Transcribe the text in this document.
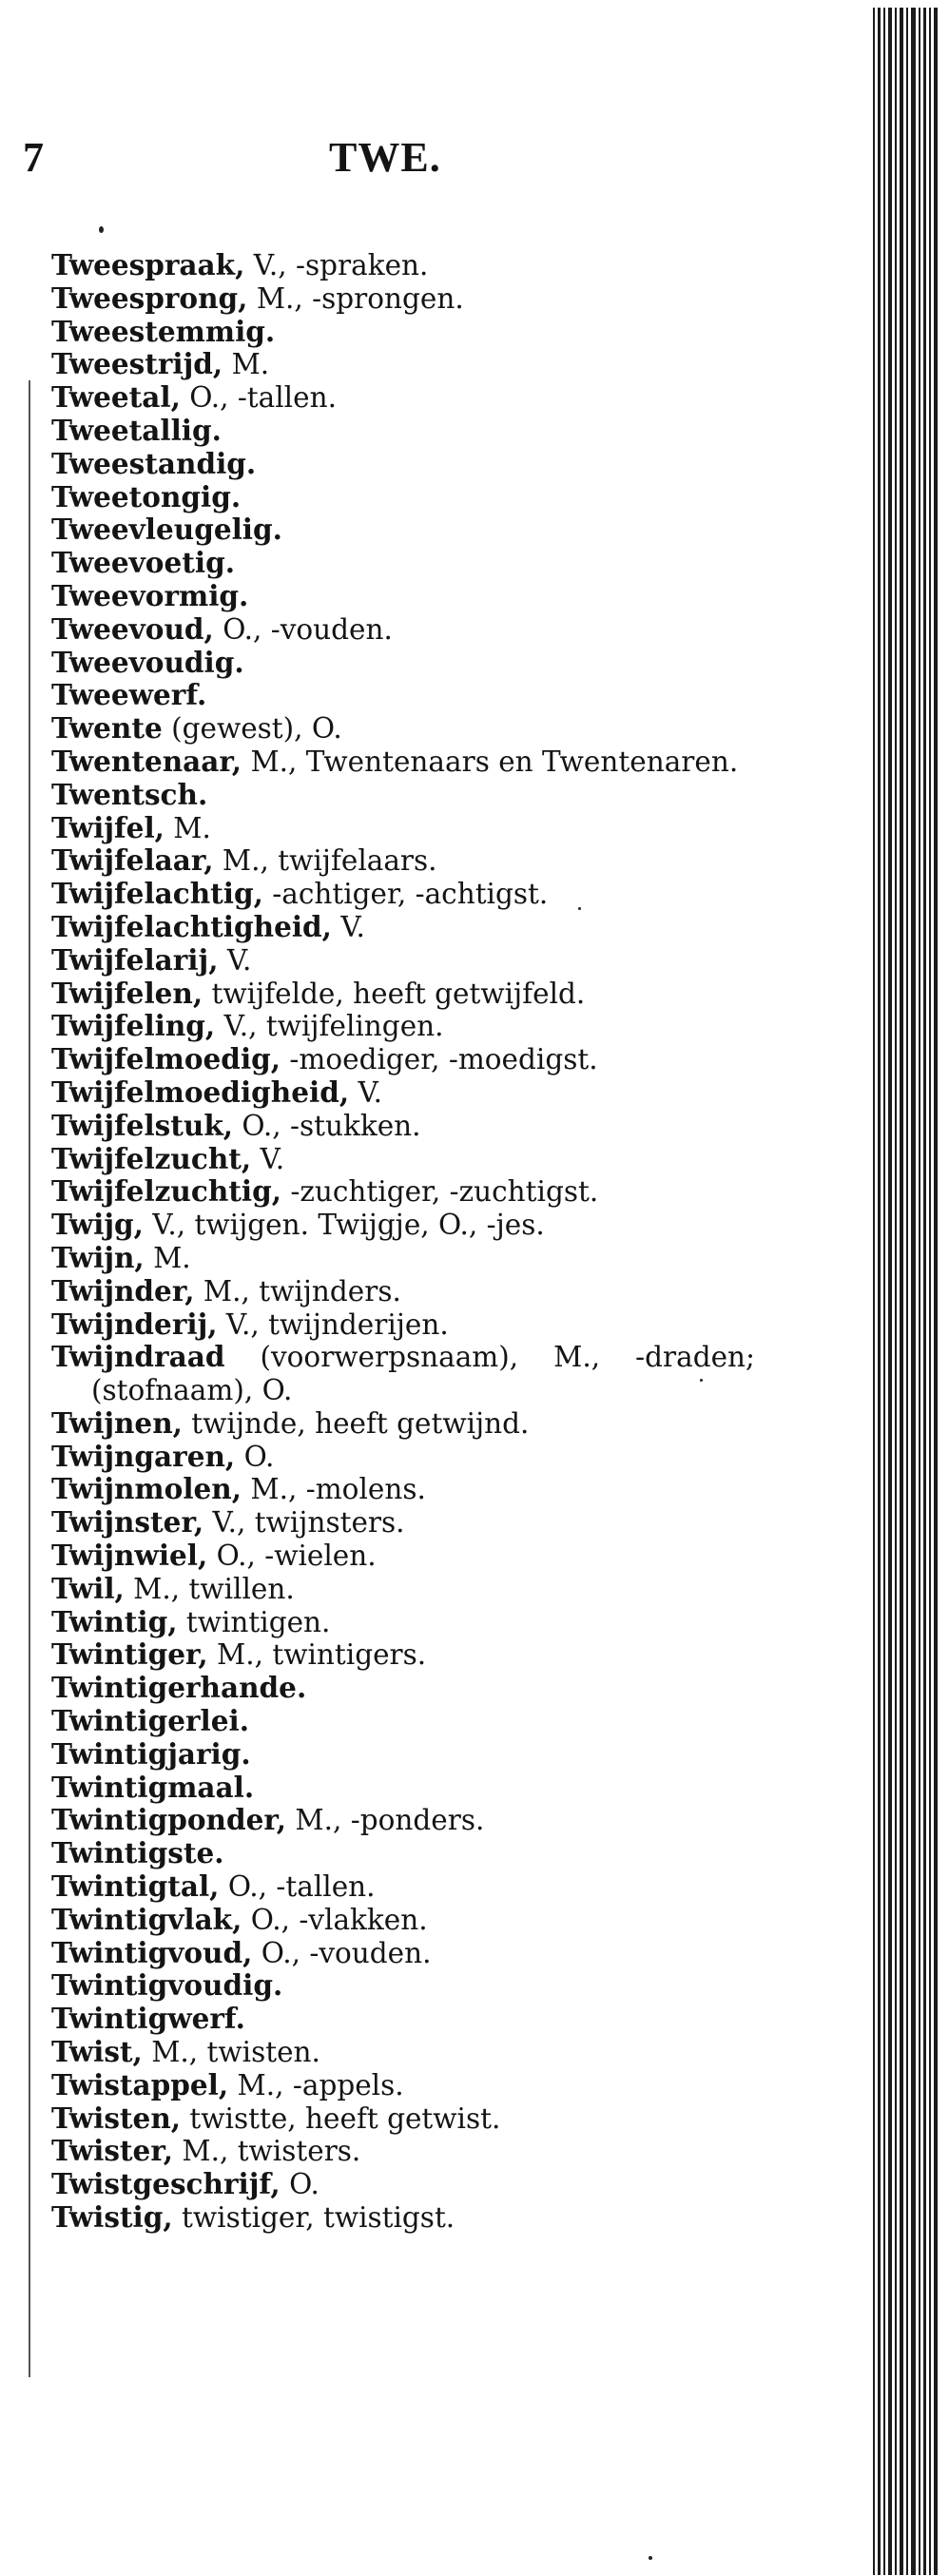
7	TWE.
Tweespraak, V., -spraken.
Tweesprong, M., -sprongen.
Tweestemmig.
Tweestrijd, M.
Tweetal, O., -tallen.
Tweetallig.
Tweestandig.
Tweetongig.
Tweevleugelig.
Tweevoetig.
Tweevormig.
Tweevoud, O., -vouden.
Tweevoudig.
Tweewerf.
Twente (gewest), O.
Twentenaar, M., Twentenaars en Twentenaren.
Twentsch.
Twijfel, M.
Twijfelaar, M., twijfelaars.
Twijfelachtig, -achtiger, -achtigst.
Twijfelachtigheid, V.
Twijfelarij, V.
Twijfelen, twijfelde, heeft getwijfeld.
Twijfeling, V., twijfelingen.
Twijfelmoedig, -moediger, -moedigst.
Twijfelmoedigheid, V.
Twijfelstuk, O., -stukken.
Twijfelzucht, V.
Twijfelzuchtig, -zuchtiger, -zuchtigst.
Twijg, V., twijgen. Twijgje, O., -jes.
Twijn, M.
Twijnder, M., twijnders.
Twijnderij, V., twijnderijen.
Twijndraad (voorwerpsnaam), M., -draden; (stofnaam), O.
Twijnen, twijnde, heeft getwijnd.
Twijngaren, O.
Twijnmolen, M., -molens.
Twijnster, V., twijnsters.
Twijnwiel, O., -wielen.
Twil, M., twillen.
Twintig, twintigen.
Twintiger, M., twintigers.
Twintigerhande.
Twintigerlei.
Twintigjarig.
Twintigmaal.
Twintigponder, M., -ponders.
Twintigste.
Twintigtal, O., -tallen.
Twintigvlak, O., -vlakken.
Twintigvoud, O., -vouden.
Twintigvoudig.
Twintigwerf.
Twist, M., twisten.
Twistappel, M., -appels.
Twisten, twistte, heeft getwist.
Twister, M., twisters.
Twistgeschrijf, O.
Twistig, twistiger, twistigst.
